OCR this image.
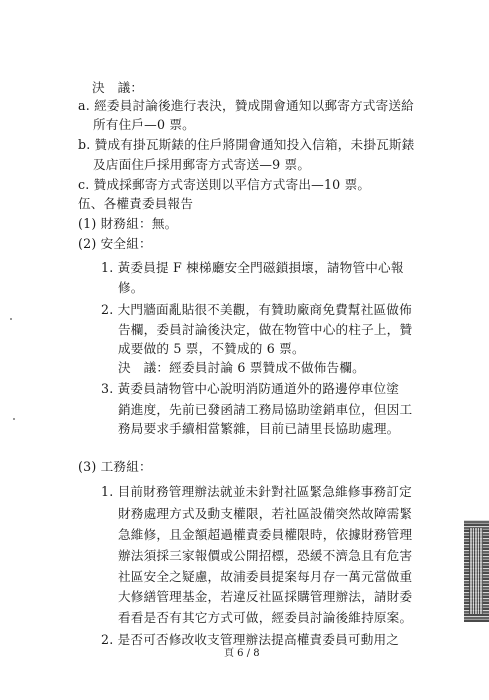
決　議：
a. 經委員討論後進行表決，贊成開會通知以郵寄方式寄送給
所有住戶—0 票。
b. 贊成有掛瓦斯錶的住戶將開會通知投入信箱，未掛瓦斯錶
及店面住戶採用郵寄方式寄送—9 票。
c. 贊成採郵寄方式寄送則以平信方式寄出—10 票。
伍、各權責委員報告
(1) 財務組：無。
(2) 安全組：
1. 黃委員提 F 棟梯廳安全門磁鎖損壞，請物管中心報
修。
2. 大門牆面亂貼很不美觀，有贊助廠商免費幫社區做佈
告欄，委員討論後決定，做在物管中心的柱子上，贊
成要做的 5 票，不贊成的 6 票。
決　議：經委員討論 6 票贊成不做佈告欄。
3. 黃委員請物管中心說明消防通道外的路邊停車位塗
銷進度，先前已發函請工務局協助塗銷車位，但因工
務局要求手續相當繁雜，目前已請里長協助處理。
(3) 工務組：
1. 目前財務管理辦法就並未針對社區緊急維修事務訂定
財務處理方式及動支權限，若社區設備突然故障需緊
急維修，且金額超過權責委員權限時，依據財務管理
辦法須採三家報價或公開招標，恐緩不濟急且有危害
社區安全之疑慮，故浦委員提案每月存一萬元當做重
大修繕管理基金，若違反社區採購管理辦法，請財委
看看是否有其它方式可做，經委員討論後維持原案。
2. 是否可否修改收支管理辦法提高權責委員可動用之
頁 6 / 8
